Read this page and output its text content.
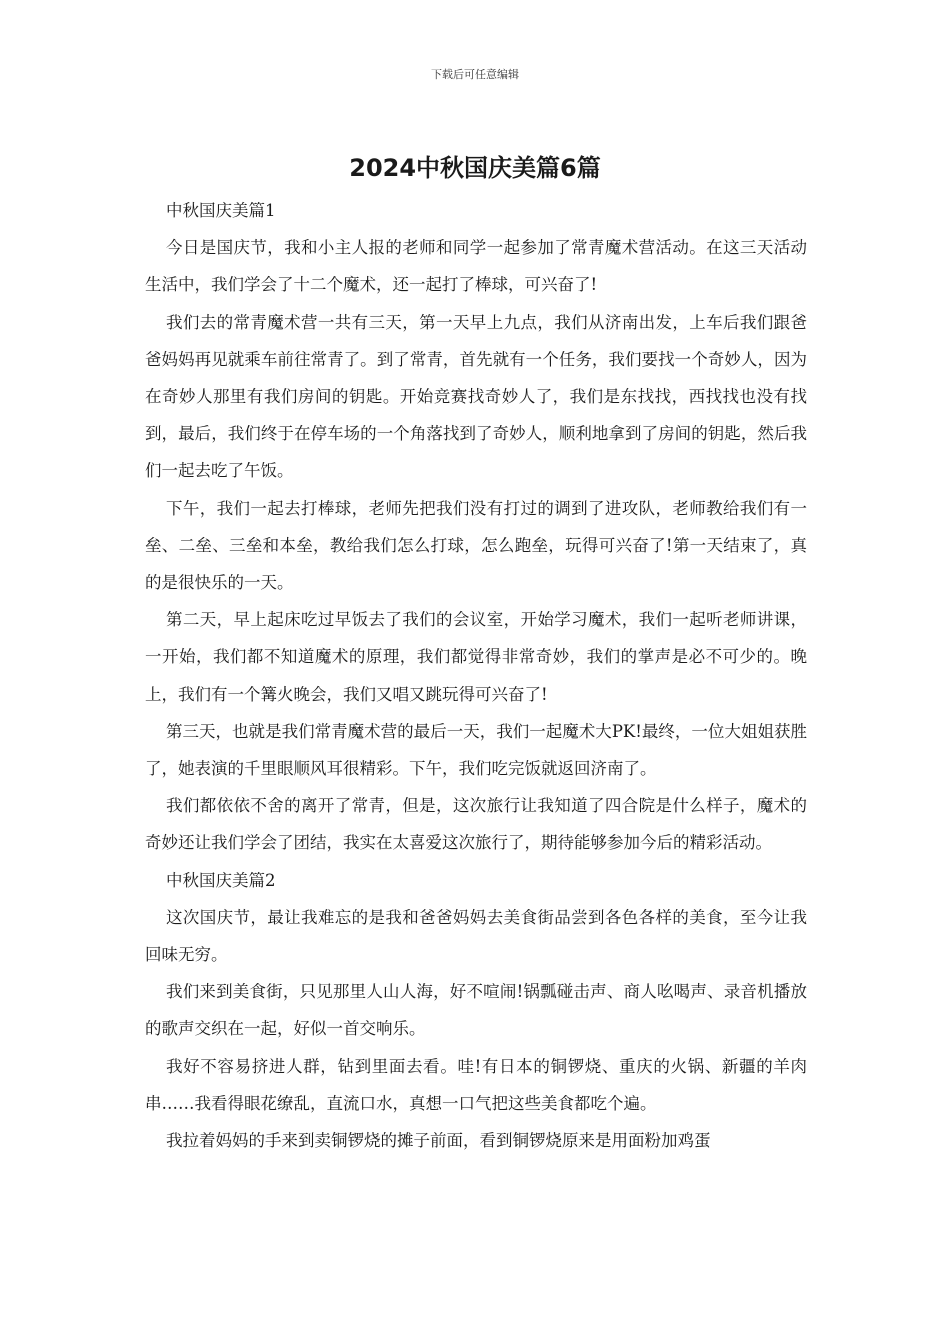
下载后可任意编辑
2024中秋国庆美篇6篇

中秋国庆美篇1

今日是国庆节，我和小主人报的老师和同学一起参加了常青魔术营活动。在这三天活动生活中，我们学会了十二个魔术，还一起打了棒球，可兴奋了!

我们去的常青魔术营一共有三天，第一天早上九点，我们从济南出发，上车后我们跟爸爸妈妈再见就乘车前往常青了。到了常青，首先就有一个任务，我们要找一个奇妙人，因为在奇妙人那里有我们房间的钥匙。开始竞赛找奇妙人了，我们是东找找，西找找也没有找到，最后，我们终于在停车场的一个角落找到了奇妙人，顺利地拿到了房间的钥匙，然后我们一起去吃了午饭。

下午，我们一起去打棒球，老师先把我们没有打过的调到了进攻队，老师教给我们有一垒、二垒、三垒和本垒，教给我们怎么打球，怎么跑垒，玩得可兴奋了!第一天结束了，真的是很快乐的一天。

第二天，早上起床吃过早饭去了我们的会议室，开始学习魔术，我们一起听老师讲课，一开始，我们都不知道魔术的原理，我们都觉得非常奇妙，我们的掌声是必不可少的。晚上，我们有一个篝火晚会，我们又唱又跳玩得可兴奋了!

第三天，也就是我们常青魔术营的最后一天，我们一起魔术大PK!最终，一位大姐姐获胜了，她表演的千里眼顺风耳很精彩。下午，我们吃完饭就返回济南了。

我们都依依不舍的离开了常青，但是，这次旅行让我知道了四合院是什么样子，魔术的奇妙还让我们学会了团结，我实在太喜爱这次旅行了，期待能够参加今后的精彩活动。

中秋国庆美篇2

这次国庆节，最让我难忘的是我和爸爸妈妈去美食街品尝到各色各样的美食，至今让我回味无穷。

我们来到美食街，只见那里人山人海，好不喧闹!锅瓢碰击声、商人吆喝声、录音机播放的歌声交织在一起，好似一首交响乐。

我好不容易挤进人群，钻到里面去看。哇!有日本的铜锣烧、重庆的火锅、新疆的羊肉串……我看得眼花缭乱，直流口水，真想一口气把这些美食都吃个遍。

我拉着妈妈的手来到卖铜锣烧的摊子前面，看到铜锣烧原来是用面粉加鸡蛋
